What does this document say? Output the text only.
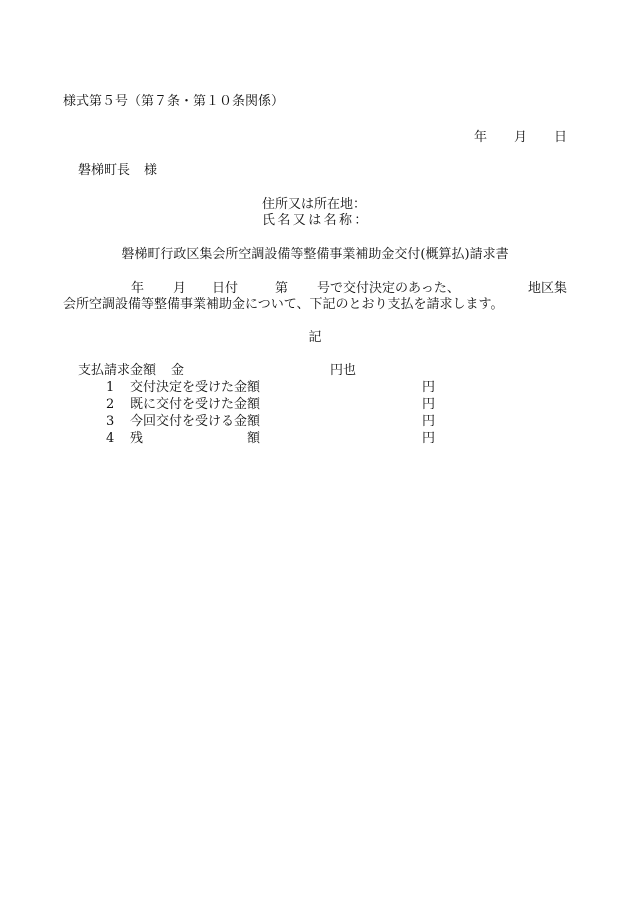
様式第５号（第７条・第１０条関係）
年 月 日
磐梯町長 様
住所又は所在地：
氏名又は名称：
磐梯町行政区集会所空調設備等整備事業補助金交付(概算払)請求書
年 月 日付	第 号で交付決定のあった、	地区集
会所空調設備等整備事業補助金について、下記のとおり支払を請求します。
記
支払請求金額 金	円也
1 交付決定を受けた金額	円
2 既に交付を受けた金額	円
3 今回交付を受ける金額	円
4 残	額	円
